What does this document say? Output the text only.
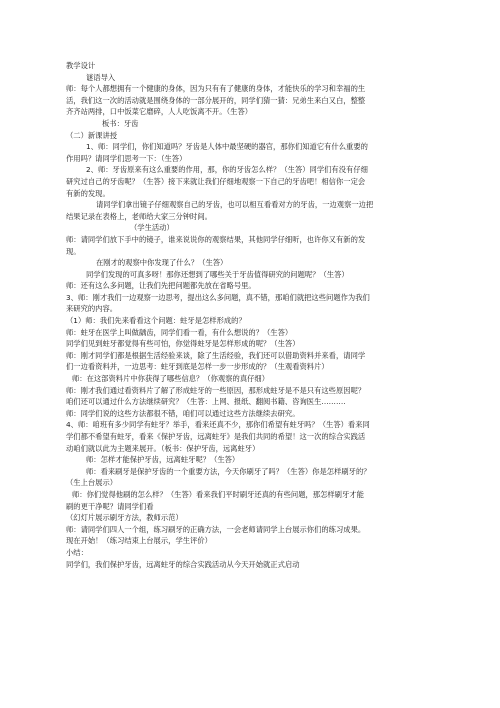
教学设计
谜语导入
师：每个人都想拥有一个健康的身体，因为只有有了健康的身体，才能快乐的学习和幸福的生
活，我们这一次的活动就是围绕身体的一部分展开的，同学们猜一猜：兄弟生来白又白，整整
齐齐站两排，口中饭菜它磨碎，人人吃饭离不开。（生答）
板书：牙齿
（二）新课讲授
1、师：同学们，你们知道吗？牙齿是人体中最坚硬的器官，那你们知道它有什么重要的
作用吗？请同学们思考一下：（生答）
2、师：牙齿原来有这么重要的作用，那，你的牙齿怎么样？（生答）同学们有没有仔细
研究过自己的牙齿呢？（生答）接下来就让我们仔细地观察一下自己的牙齿吧！相信你一定会
有新的发现。
请同学们拿出镜子仔细观察自己的牙齿，也可以相互看看对方的牙齿，一边观察一边把
结果记录在表格上，老师给大家三分钟时间。
（学生活动）
师：请同学们放下手中的镜子，谁来说说你的观察结果，其他同学仔细听，也许你又有新的发
现。
在刚才的观察中你发现了什么？（生答）
同学们发现的可真多呀！那你还想到了哪些关于牙齿值得研究的问题呢？（生答）
师：还有这么多问题，让我们先把问题都先放在省略号里。
3、师：刚才我们一边观察一边思考，提出这么多问题，真不错，那咱们就把这些问题作为我们
来研究的内容。
（1）师：我们先来看看这个问题：蛀牙是怎样形成的？
师：蛀牙在医学上叫做龋齿，同学们看一看，有什么想说的？（生答）
同学们见到蛀牙都觉得有些可怕，你觉得蛀牙是怎样形成的呢？（生答）
师：刚才同学们都是根据生活经验来谈，除了生活经验，我们还可以借助资料并来看，请同学
们一边看资料并，一边思考：蛀牙到底是怎样一步一步形成的？（生观看资料片）
师：在这部资料片中你获得了哪些信息？（你观察的真仔细）
师：刚才我们通过看资料片了解了形成蛀牙的一些原因，那形成蛀牙是不是只有这些原因呢？
咱们还可以通过什么方法继续研究？（生答：上网、报纸、翻阅书籍、咨询医生……….
师：同学们说的这些方法都很不错，咱们可以通过这些方法继续去研究。
4、师：咱班有多少同学有蛀牙？举手，看来还真不少，那你们希望有蛀牙吗？（生答）看来同
学们都不希望有蛀牙，看来《保护牙齿，远离蛀牙》是我们共同的希望！这一次的综合实践活
动咱们就以此为主题来展开。（板书：保护牙齿，远离蛀牙）
师：怎样才能保护牙齿，远离蛀牙呢？（生答）
师：看来刷牙是保护牙齿的一个重要方法，今天你刷牙了吗？（生答）你是怎样刷牙的？
（生上台展示）
师：你们觉得他刷的怎么样？（生答）看来我们平时刷牙还真的有些问题，那怎样刷牙才能
刷的更干净呢？请同学们看
（幻灯片展示刷牙方法，教师示范）
师：请同学们四人一个组，练习刷牙的正确方法，一会老师请同学上台展示你们的练习成果。
现在开始！（练习结束上台展示，学生评价）
小结：
同学们，我们保护牙齿，远离蛀牙的综合实践活动从今天开始就正式启动
